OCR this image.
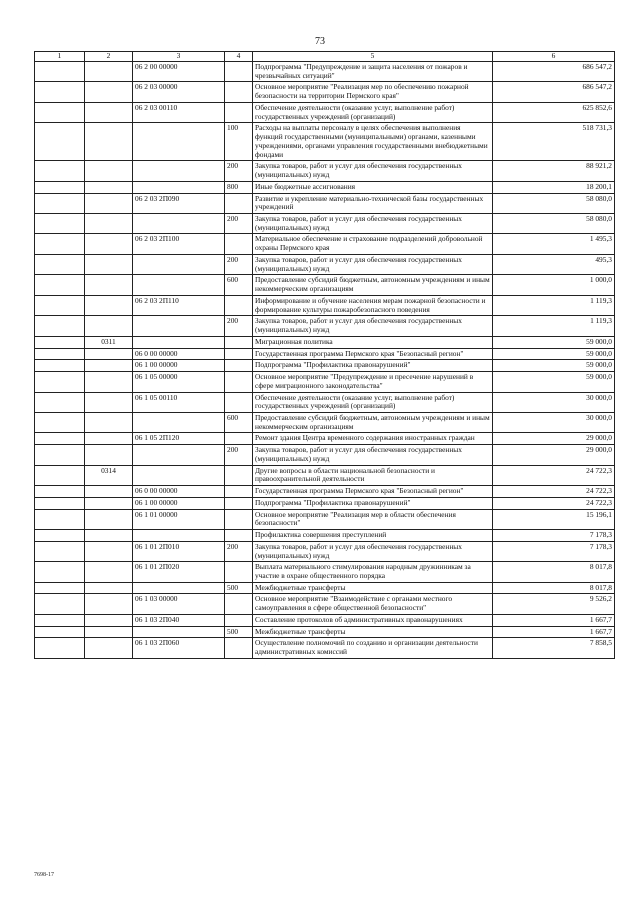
73
1	2	3	4	5	6
		06 2 00 00000		Подпрограмма "Предупреждение и защита населения от пожаров и чрезвычайных ситуаций"	686 547,2
		06 2 03 00000		Основное мероприятие "Реализация мер по обеспечению пожарной безопасности на территории Пермского края"	686 547,2
		06 2 03 00110		Обеспечение деятельности (оказание услуг, выполнение работ) государственных учреждений (организаций)	625 852,6
			100	Расходы на выплаты персоналу в целях обеспечения выполнения функций государственными (муниципальными) органами, казенными учреждениями, органами управления государственными внебюджетными фондами	518 731,3
			200	Закупка товаров, работ и услуг для обеспечения государственных (муниципальных) нужд	88 921,2
			800	Иные бюджетные ассигнования	18 200,1
		06 2 03 2П090		Развитие и укрепление материально-технической базы государственных учреждений	58 080,0
			200	Закупка товаров, работ и услуг для обеспечения государственных (муниципальных) нужд	58 080,0
		06 2 03 2П100		Материальное обеспечение и страхование подразделений добровольной охраны Пермского края	1 495,3
			200	Закупка товаров, работ и услуг для обеспечения государственных (муниципальных) нужд	495,3
			600	Предоставление субсидий бюджетным, автономным учреждениям и иным некоммерческим организациям	1 000,0
		06 2 03 2П110		Информирование и обучение населения мерам пожарной безопасности и формирование культуры пожаробезопасного поведения	1 119,3
			200	Закупка товаров, работ и услуг для обеспечения государственных (муниципальных) нужд	1 119,3
	0311			Миграционная политика	59 000,0
		06 0 00 00000		Государственная программа Пермского края "Безопасный регион"	59 000,0
		06 1 00 00000		Подпрограмма "Профилактика правонарушений"	59 000,0
		06 1 05 00000		Основное мероприятие "Предупреждение и пресечение нарушений в сфере миграционного законодательства"	59 000,0
		06 1 05 00110		Обеспечение деятельности (оказание услуг, выполнение работ) государственных учреждений (организаций)	30 000,0
			600	Предоставление субсидий бюджетным, автономным учреждениям и иным некоммерческим организациям	30 000,0
		06 1 05 2П120		Ремонт здания Центра временного содержания иностранных граждан	29 000,0
			200	Закупка товаров, работ и услуг для обеспечения государственных (муниципальных) нужд	29 000,0
	0314			Другие вопросы в области национальной безопасности и правоохранительной деятельности	24 722,3
		06 0 00 00000		Государственная программа Пермского края "Безопасный регион"	24 722,3
		06 1 00 00000		Подпрограмма "Профилактика правонарушений"	24 722,3
		06 1 01 00000		Основное мероприятие "Реализация мер в области обеспечения безопасности"	15 196,1
				Профилактика совершения преступлений	7 178,3
		06 1 01 2П010	200	Закупка товаров, работ и услуг для обеспечения государственных (муниципальных) нужд	7 178,3
		06 1 01 2П020		Выплата материального стимулирования народным дружинникам за участие в охране общественного порядка	8 017,8
			500	Межбюджетные трансферты	8 017,8
		06 1 03 00000		Основное мероприятие "Взаимодействие с органами местного самоуправления в сфере общественной безопасности"	9 526,2
		06 1 03 2П040		Составление протоколов об административных правонарушениях	1 667,7
			500	Межбюджетные трансферты	1 667,7
		06 1 03 2П060		Осуществление полномочий по созданию и организации деятельности административных комиссий	7 858,5
7698-17
